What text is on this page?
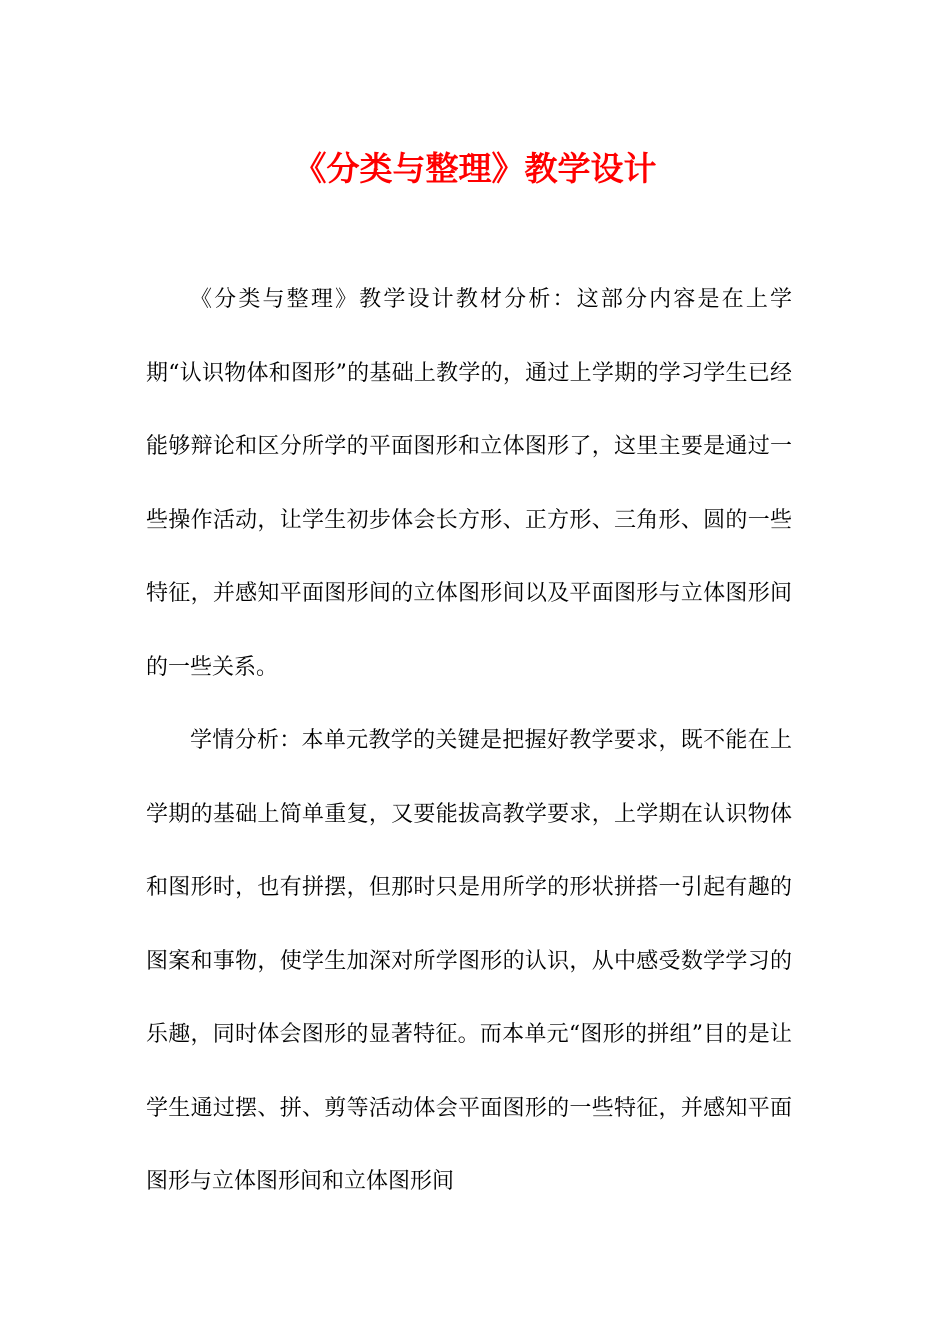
《分类与整理》教学设计

《分类与整理》教学设计教材分析：这部分内容是在上学期“认识物体和图形”的基础上教学的，通过上学期的学习学生已经能够辩论和区分所学的平面图形和立体图形了，这里主要是通过一些操作活动，让学生初步体会长方形、正方形、三角形、圆的一些特征，并感知平面图形间的立体图形间以及平面图形与立体图形间的一些关系。

学情分析：本单元教学的关键是把握好教学要求，既不能在上学期的基础上简单重复，又要能拔高教学要求，上学期在认识物体和图形时，也有拼摆，但那时只是用所学的形状拼搭一引起有趣的图案和事物，使学生加深对所学图形的认识，从中感受数学学习的乐趣，同时体会图形的显著特征。而本单元“图形的拼组”目的是让学生通过摆、拼、剪等活动体会平面图形的一些特征，并感知平面图形与立体图形间和立体图形间
